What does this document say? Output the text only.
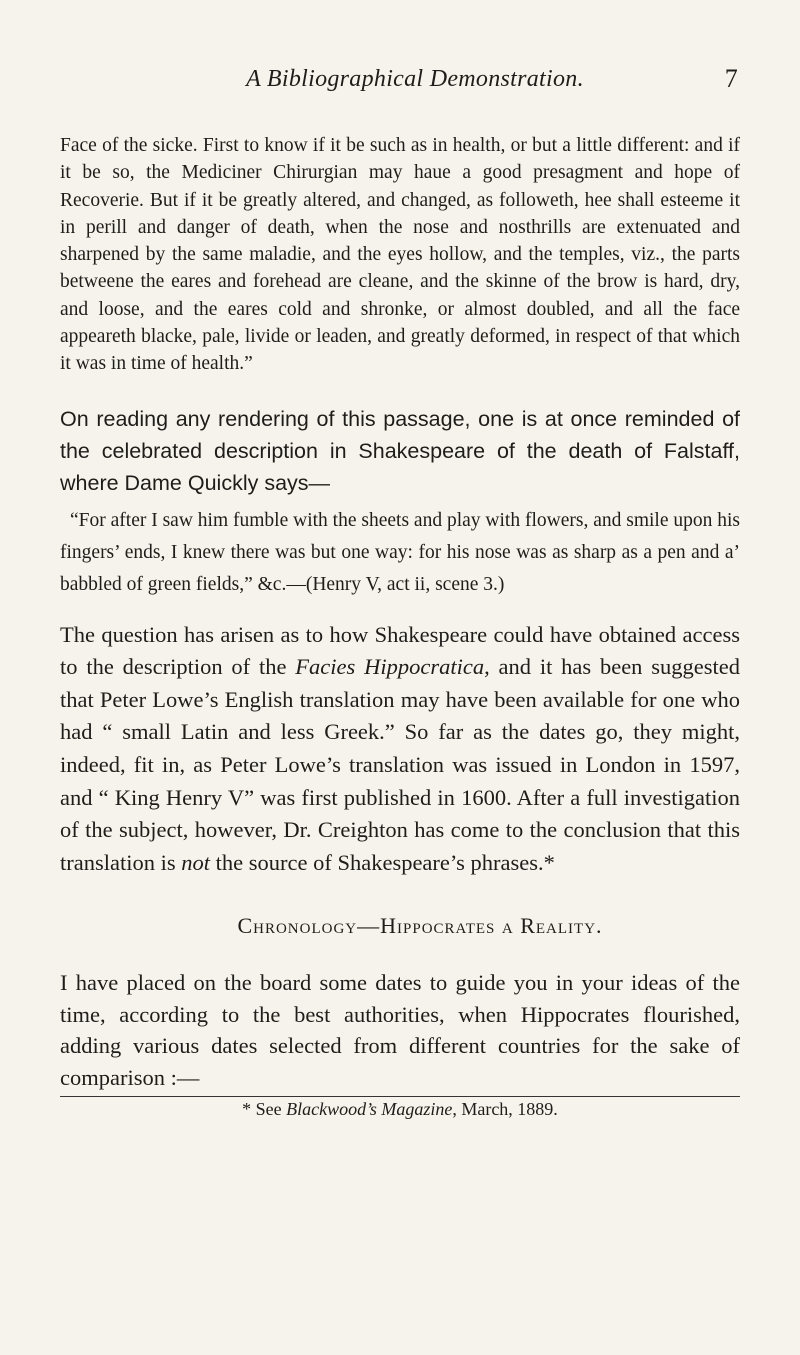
A Bibliographical Demonstration.	7

Face of the sicke. First to know if it be such as in health, or but a little different: and if it be so, the Mediciner Chirurgian may haue a good presagment and hope of Recoverie. But if it be greatly altered, and changed, as followeth, hee shall esteeme it in perill and danger of death, when the nose and nosthrills are extenuated and sharpened by the same maladie, and the eyes hollow, and the temples, viz., the parts betweene the eares and forehead are cleane, and the skinne of the brow is hard, dry, and loose, and the eares cold and shronke, or almost doubled, and all the face appeareth blacke, pale, livide or leaden, and greatly deformed, in respect of that which it was in time of health.”

On reading any rendering of this passage, one is at once reminded of the celebrated description in Shakespeare of the death of Falstaff, where Dame Quickly says—

“For after I saw him fumble with the sheets and play with flowers, and smile upon his fingers’ ends, I knew there was but one way: for his nose was as sharp as a pen and a’ babbled of green fields,” &c.—(Henry V, act ii, scene 3.)

The question has arisen as to how Shakespeare could have obtained access to the description of the Facies Hippocratica, and it has been suggested that Peter Lowe’s English translation may have been available for one who had “ small Latin and less Greek.” So far as the dates go, they might, indeed, fit in, as Peter Lowe’s translation was issued in London in 1597, and “ King Henry V” was first published in 1600. After a full investigation of the subject, however, Dr. Creighton has come to the conclusion that this translation is not the source of Shakespeare’s phrases.*

Chronology—Hippocrates a Reality.

I have placed on the board some dates to guide you in your ideas of the time, according to the best authorities, when Hippocrates flourished, adding various dates selected from different countries for the sake of comparison :—

* See Blackwood’s Magazine, March, 1889.
